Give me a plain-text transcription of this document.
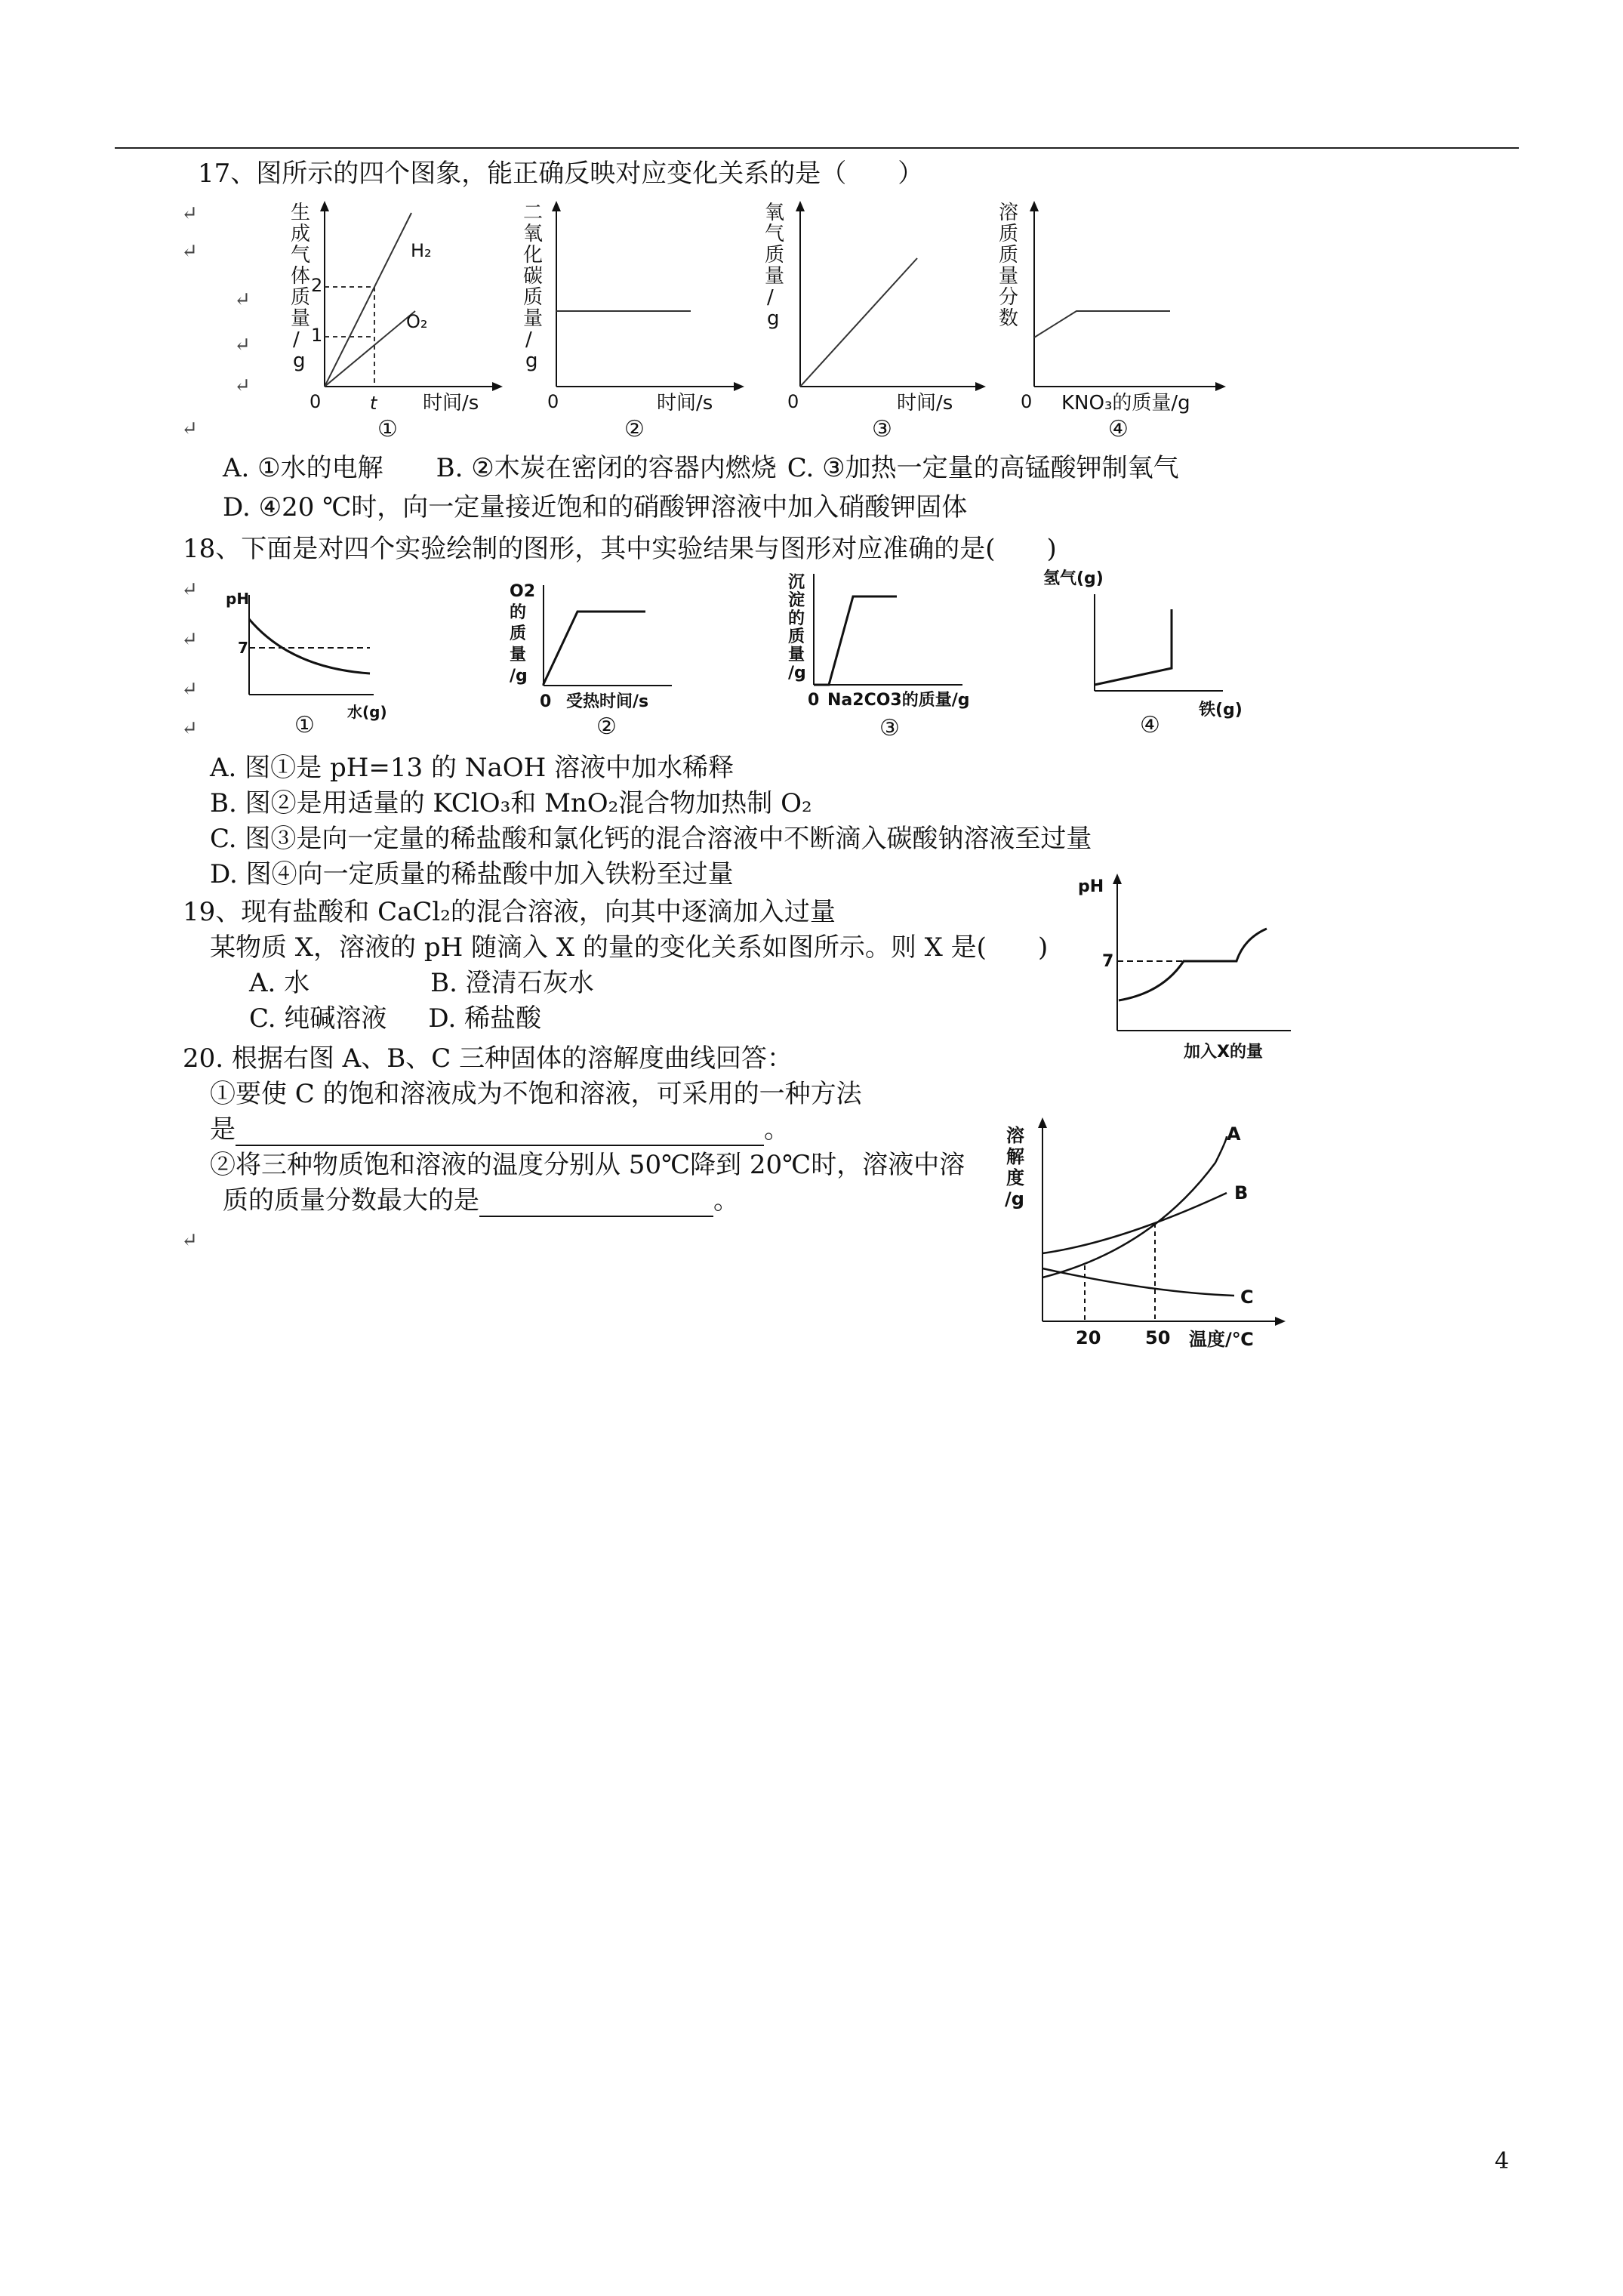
17、图所示的四个图象，能正确反映对应变化关系的是（　　）
↵
↵
↵
↵
↵
↵
生
成
气
体
质
量
/
g
2
1
H₂
O₂
0	t 时间/s
①
二
氧
化
碳
质
量
/
g
0	时间/s
②
氧
气
质
量
/
g
0	时间/s
③
溶
质
质
量
分
数
0 KNO₃的质量/g
④
A. ①水的电解 B. ②木炭在密闭的容器内燃烧 C. ③加热一定量的高锰酸钾制氧气
D. ④20 ℃时，向一定量接近饱和的硝酸钾溶液中加入硝酸钾固体
18、下面是对四个实验绘制的图形，其中实验结果与图形对应准确的是(　　)
↵
↵
↵
↵
pH
7
水(g)
①
O2
的
质
量
/g
0 受热时间/s
②
沉
淀
的
质
量
/g
0 Na2CO3的质量/g
③
氢气(g)
铁(g)
④
A. 图①是 pH=13 的 NaOH 溶液中加水稀释
B. 图②是用适量的 KClO₃和 MnO₂混合物加热制 O₂
C. 图③是向一定量的稀盐酸和氯化钙的混合溶液中不断滴入碳酸钠溶液至过量
D. 图④向一定质量的稀盐酸中加入铁粉至过量
19、现有盐酸和 CaCl₂的混合溶液，向其中逐滴加入过量
某物质 X，溶液的 pH 随滴入 X 的量的变化关系如图所示。则 X 是(　　)
A. 水	B. 澄清石灰水
C. 纯碱溶液 D. 稀盐酸
pH
7
加入X的量
20. 根据右图 A、B、C 三种固体的溶解度曲线回答：
①要使 C 的饱和溶液成为不饱和溶液，可采用的一种方法
是	。
②将三种物质饱和溶液的温度分别从 50℃降到 20℃时，溶液中溶
质的质量分数最大的是	。
↵
溶
解
度
/g
A
B
C
20 50 温度/℃
4
